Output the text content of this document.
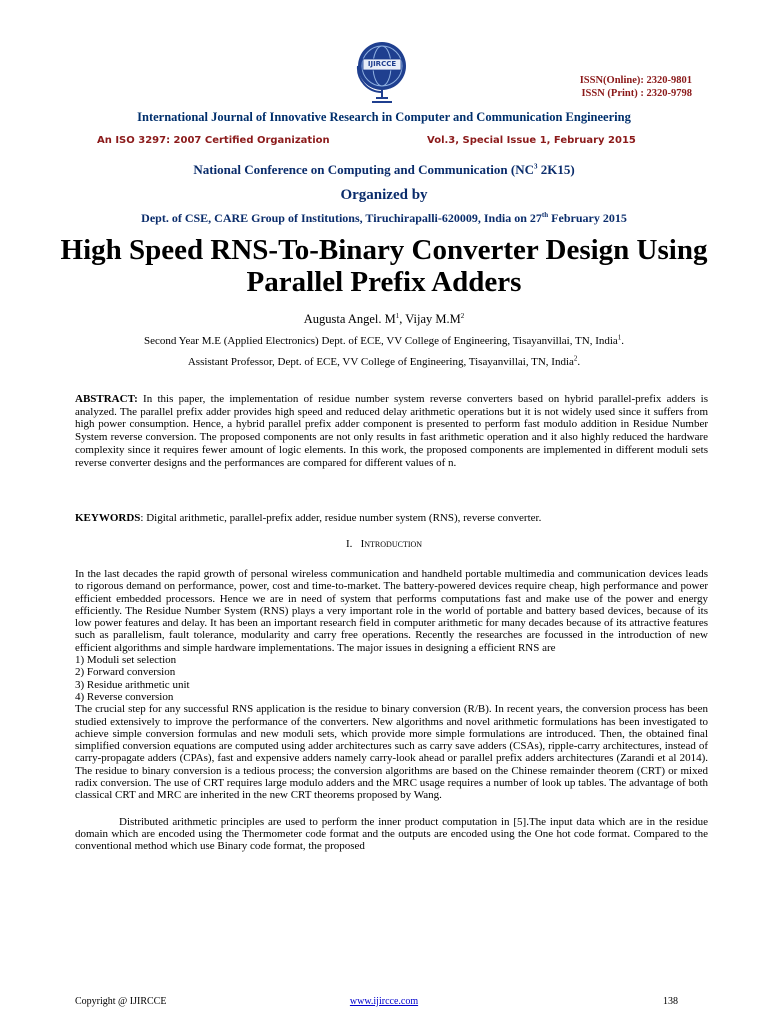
IJIRCCE
ISSN(Online): 2320-9801
ISSN (Print) : 2320-9798
International Journal of Innovative Research in Computer and Communication Engineering
An ISO 3297: 2007 Certified Organization	Vol.3, Special Issue 1, February 2015
National Conference on Computing and Communication ($NC^3$ 2K15)
Organized by
Dept. of CSE, CARE Group of Institutions, Tiruchirapalli-620009, India on 27th February 2015
High Speed RNS-To-Binary Converter Design Using Parallel Prefix Adders
Augusta Angel. $M^1$, Vijay $M.M^2$
Second Year M.E (Applied Electronics) Dept. of ECE, VV College of Engineering, Tisayanvillai, TN, India$^1$.
Assistant Professor, Dept. of ECE, VV College of Engineering, Tisayanvillai, TN, India$^2$.
ABSTRACT: In this paper, the implementation of residue number system reverse converters based on hybrid parallel-prefix adders is analyzed. The parallel prefix adder provides high speed and reduced delay arithmetic operations but it is not widely used since it suffers from high power consumption. Hence, a hybrid parallel prefix adder component is presented to perform fast modulo addition in Residue Number System reverse conversion. The proposed components are not only results in fast arithmetic operation and it also highly reduced the hardware complexity since it requires fewer amount of logic elements. In this work, the proposed components are implemented in different moduli sets reverse converter designs and the performances are compared for different values of n.
KEYWORDS: Digital arithmetic, parallel-prefix adder, residue number system (RNS), reverse converter.
I. Introduction

In the last decades the rapid growth of personal wireless communication and handheld portable multimedia and communication devices leads to rigorous demand on performance, power, cost and time-to-market. The battery-powered devices require cheap, high performance and power efficient embedded processors. Hence we are in need of system that performs computations fast and make use of the power and energy efficiently. The Residue Number System (RNS) plays a very important role in the world of portable and battery based devices, because of its low power features and delay. It has been an important research field in computer arithmetic for many decades because of its attractive features such as parallelism, fault tolerance, modularity and carry free operations. Recently the researches are focussed in the introduction of new efficient algorithms and simple hardware implementations. The major issues in designing a efficient RNS are

1) Moduli set selection
2) Forward conversion
3) Residue arithmetic unit
4) Reverse conversion

The crucial step for any successful RNS application is the residue to binary conversion (R/B). In recent years, the conversion process has been studied extensively to improve the performance of the converters. New algorithms and novel arithmetic formulations has been investigated to achieve simple conversion formulas and new moduli sets, which provide more simple formulations are introduced. Then, the obtained final simplified conversion equations are computed using adder architectures such as carry save adders (CSAs), ripple-carry architectures, instead of carry-propagate adders (CPAs), fast and expensive adders namely carry-look ahead or parallel prefix adders architectures (Zarandi et al 2014). The residue to binary conversion is a tedious process; the conversion algorithms are based on the Chinese remainder theorem (CRT) or mixed radix conversion. The use of CRT requires large modulo adders and the MRC usage requires a number of look up tables. The advantage of both classical CRT and MRC are inherited in the new CRT theorems proposed by Wang.

Distributed arithmetic principles are used to perform the inner product computation in [5].The input data which are in the residue domain which are encoded using the Thermometer code format and the outputs are encoded using the One hot code format. Compared to the conventional method which use Binary code format, the proposed

Copyright @ IJIRCCE	www.ijircce.com	138
